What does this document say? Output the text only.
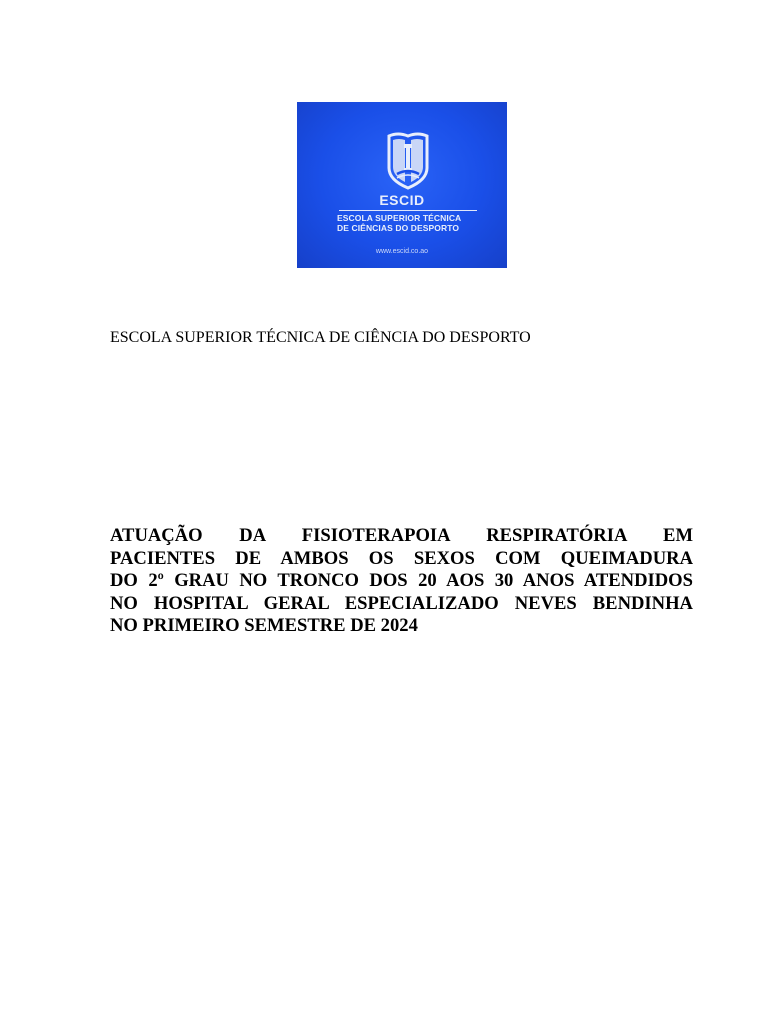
ESCID
ESCOLA SUPERIOR TÉCNICA
DE CIÊNCIAS DO DESPORTO
www.escid.co.ao
ESCOLA SUPERIOR TÉCNICA DE CIÊNCIA DO DESPORTO
ATUAÇÃO DA FISIOTERAPOIA RESPIRATÓRIA EM
PACIENTES DE AMBOS OS SEXOS COM QUEIMADURA
DO 2º GRAU NO TRONCO DOS 20 AOS 30 ANOS ATENDIDOS
NO HOSPITAL GERAL ESPECIALIZADO NEVES BENDINHA
NO PRIMEIRO SEMESTRE DE 2024
